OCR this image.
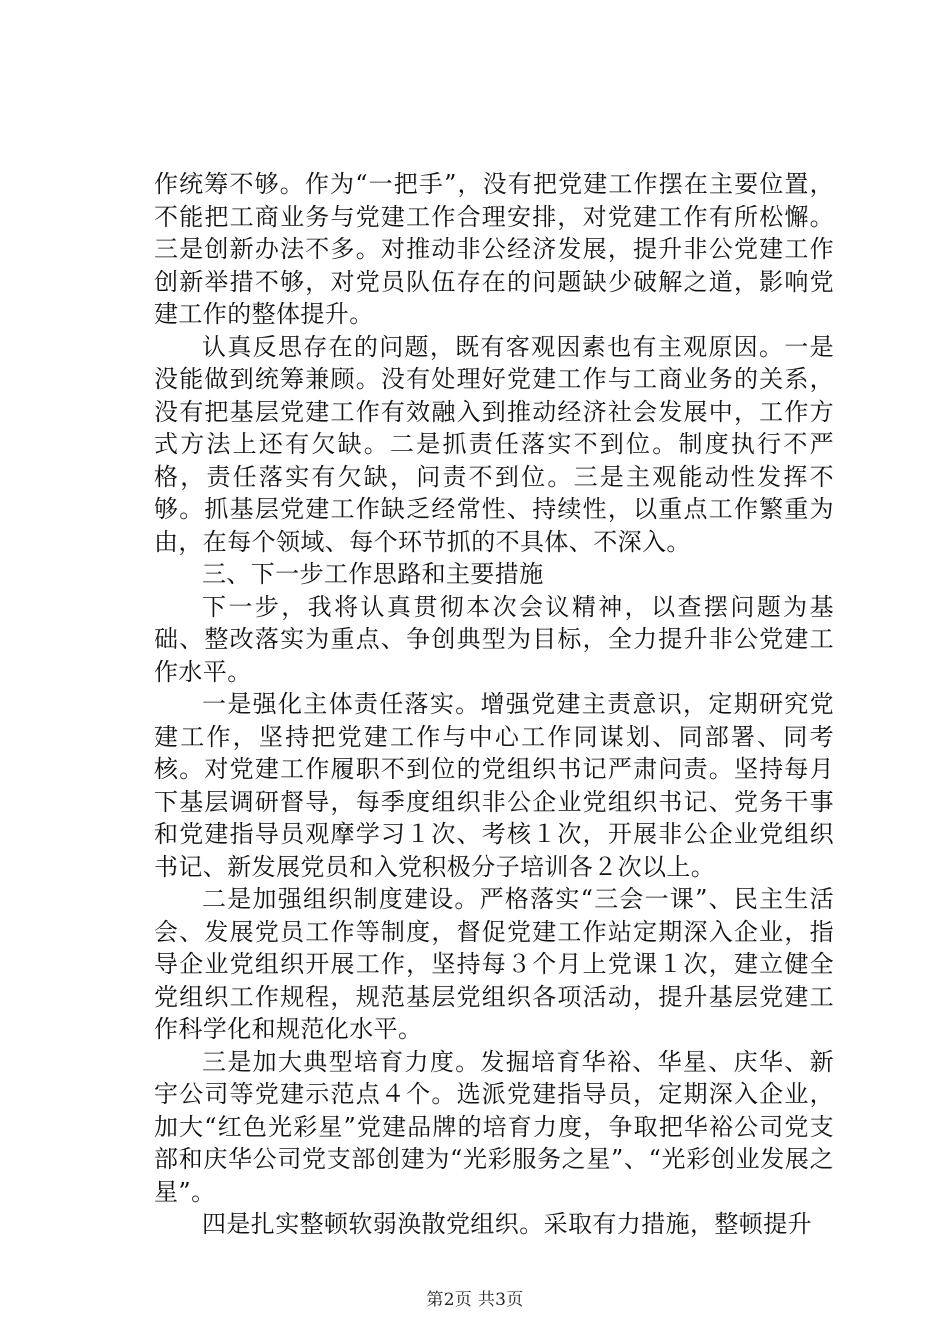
作统筹不够。作为“一把手”，没有把党建工作摆在主要位置，不能把工商业务与党建工作合理安排，对党建工作有所松懈。三是创新办法不多。对推动非公经济发展，提升非公党建工作创新举措不够，对党员队伍存在的问题缺少破解之道，影响党建工作的整体提升。

认真反思存在的问题，既有客观因素也有主观原因。一是没能做到统筹兼顾。没有处理好党建工作与工商业务的关系，没有把基层党建工作有效融入到推动经济社会发展中，工作方式方法上还有欠缺。二是抓责任落实不到位。制度执行不严格，责任落实有欠缺，问责不到位。三是主观能动性发挥不够。抓基层党建工作缺乏经常性、持续性，以重点工作繁重为由，在每个领域、每个环节抓的不具体、不深入。

三、下一步工作思路和主要措施

下一步，我将认真贯彻本次会议精神，以查摆问题为基础、整改落实为重点、争创典型为目标，全力提升非公党建工作水平。

一是强化主体责任落实。增强党建主责意识，定期研究党建工作，坚持把党建工作与中心工作同谋划、同部署、同考核。对党建工作履职不到位的党组织书记严肃问责。坚持每月下基层调研督导，每季度组织非公企业党组织书记、党务干事和党建指导员观摩学习１次、考核１次，开展非公企业党组织书记、新发展党员和入党积极分子培训各２次以上。

二是加强组织制度建设。严格落实“三会一课”、民主生活会、发展党员工作等制度，督促党建工作站定期深入企业，指导企业党组织开展工作，坚持每３个月上党课１次，建立健全党组织工作规程，规范基层党组织各项活动，提升基层党建工作科学化和规范化水平。

三是加大典型培育力度。发掘培育华裕、华星、庆华、新宇公司等党建示范点４个。选派党建指导员，定期深入企业，加大“红色光彩星”党建品牌的培育力度，争取把华裕公司党支部和庆华公司党支部创建为“光彩服务之星”、“光彩创业发展之星”。

四是扎实整顿软弱涣散党组织。采取有力措施，整顿提升

第2页 共3页
